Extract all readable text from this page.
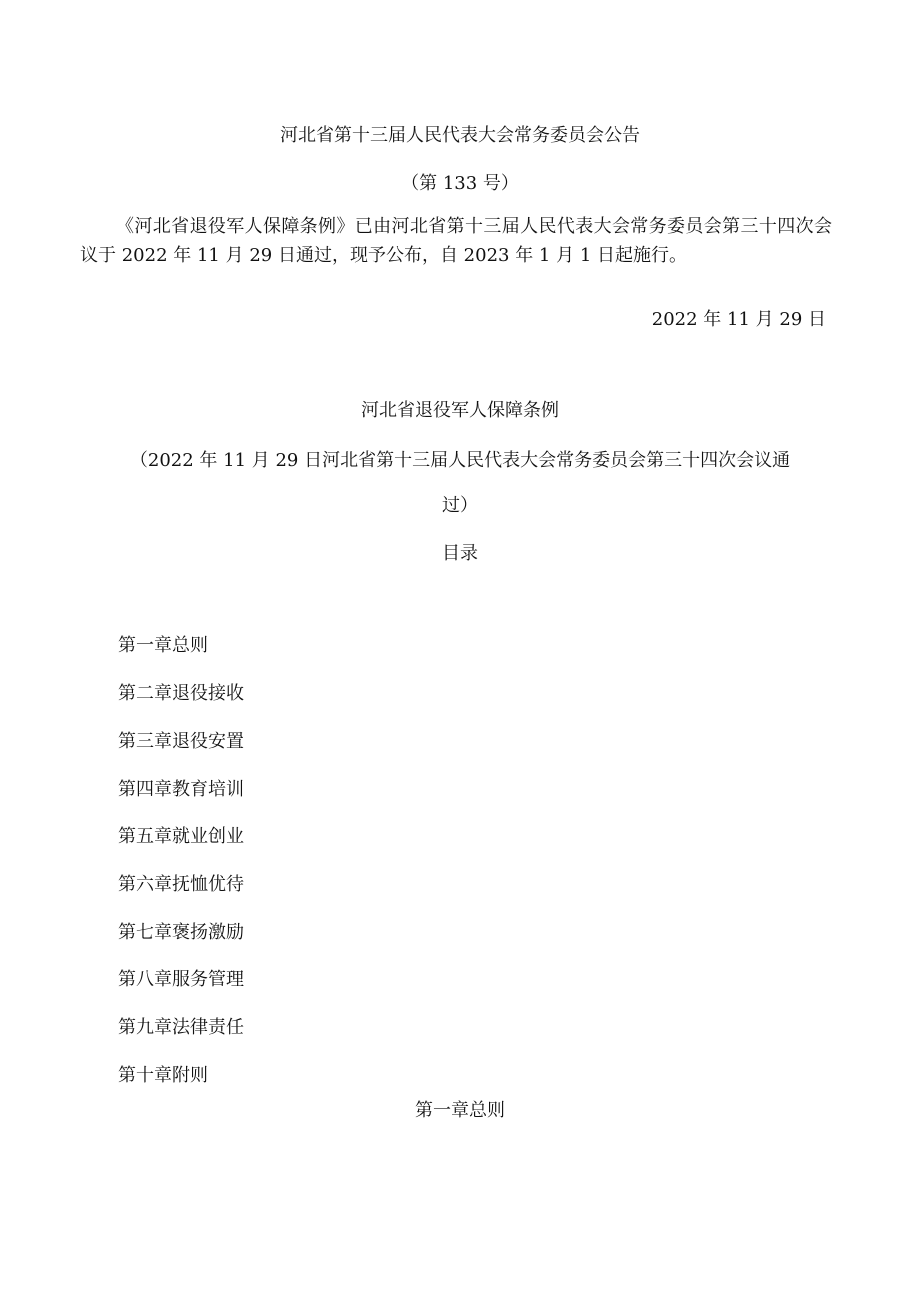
河北省第十三届人民代表大会常务委员会公告
（第 133 号）
《河北省退役军人保障条例》已由河北省第十三届人民代表大会常务委员会第三十四次会议于 2022 年 11 月 29 日通过，现予公布，自 2023 年 1 月 1 日起施行。
2022 年 11 月 29 日
河北省退役军人保障条例
（2022 年 11 月 29 日河北省第十三届人民代表大会常务委员会第三十四次会议通
过）
目录
第一章总则
第二章退役接收
第三章退役安置
第四章教育培训
第五章就业创业
第六章抚恤优待
第七章褒扬激励
第八章服务管理
第九章法律责任
第十章附则
第一章总则
